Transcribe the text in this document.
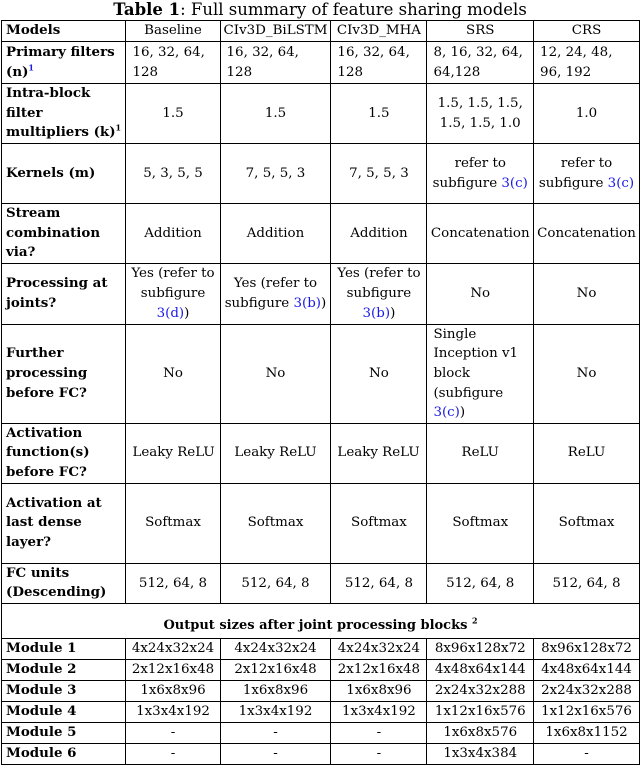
Table 1: Full summary of feature sharing models
Models	Baseline	CIv3D_BiLSTM	CIv3D_MHA	SRS	CRS
Primary filters $(n)^1$	16, 32, 64, 128	16, 32, 64, 128	16, 32, 64, 128	8, 16, 32, 64, 64,128	12, 24, 48, 96, 192
Intra-block filter multipliers $(k)^1$	1.5	1.5	1.5	1.5, 1.5, 1.5, 1.5, 1.5, 1.0	1.0
Kernels (m)	5, 3, 5, 5	7, 5, 5, 3	7, 5, 5, 3	refer to subfigure 3(c)	refer to subfigure 3(c)
Stream combination via?	Addition	Addition	Addition	Concatenation	Concatenation
Processing at joints?	Yes (refer to subfigure 3(d))	Yes (refer to subfigure 3(b))	Yes (refer to subfigure 3(b))	No	No
Further processing before FC?	No	No	No	Single Inception v1 block (subfigure 3(c))	No
Activation function(s) before FC?	Leaky ReLU	Leaky ReLU	Leaky ReLU	ReLU	ReLU
Activation at last dense layer?	Softmax	Softmax	Softmax	Softmax	Softmax
FC units (Descending)	512, 64, 8	512, 64, 8	512, 64, 8	512, 64, 8	512, 64, 8
Output sizes after joint processing blocks $^2$
Module 1	4x24x32x24	4x24x32x24	4x24x32x24	8x96x128x72	8x96x128x72
Module 2	2x12x16x48	2x12x16x48	2x12x16x48	4x48x64x144	4x48x64x144
Module 3	1x6x8x96	1x6x8x96	1x6x8x96	2x24x32x288	2x24x32x288
Module 4	1x3x4x192	1x3x4x192	1x3x4x192	1x12x16x576	1x12x16x576
Module 5	-	-	-	1x6x8x576	1x6x8x1152
Module 6	-	-	-	1x3x4x384	-
